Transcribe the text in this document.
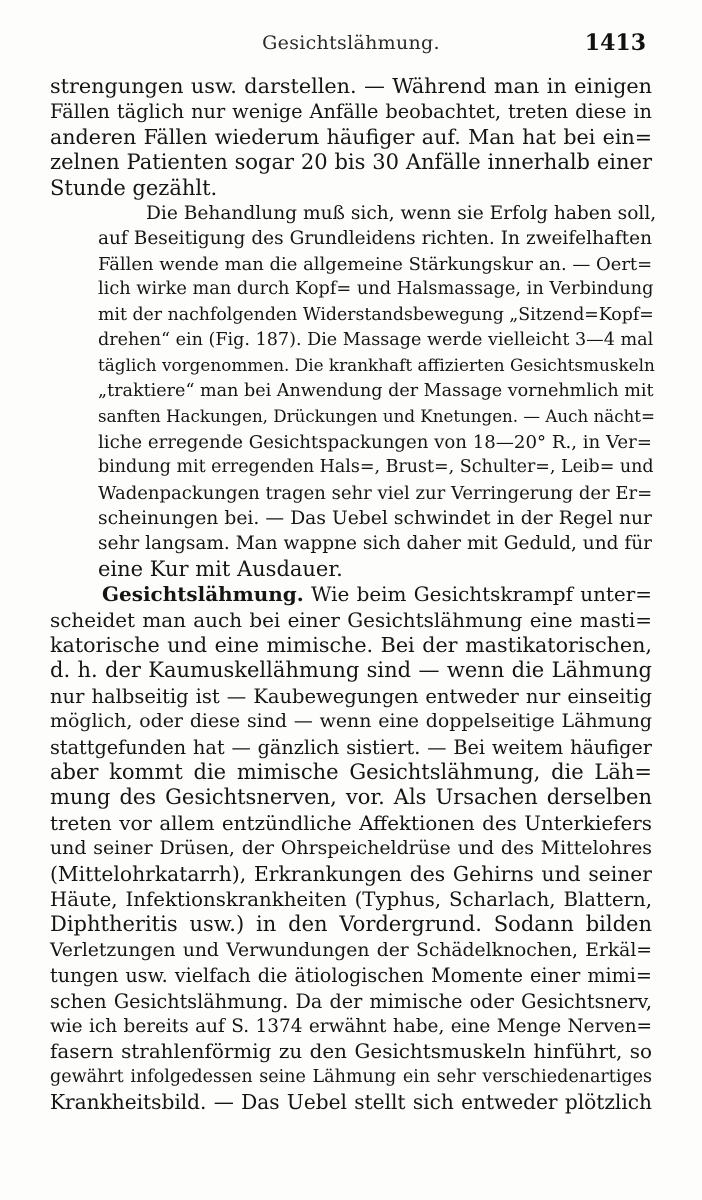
Gesichtslähmung.	1413

strengungen usw. darstellen. — Während man in einigen
Fällen täglich nur wenige Anfälle beobachtet, treten diese in
anderen Fällen wiederum häufiger auf. Man hat bei ein=
zelnen Patienten sogar 20 bis 30 Anfälle innerhalb einer
Stunde gezählt.

Die Behandlung muß sich, wenn sie Erfolg haben soll,
auf Beseitigung des Grundleidens richten. In zweifelhaften
Fällen wende man die allgemeine Stärkungskur an. — Oert=
lich wirke man durch Kopf= und Halsmassage, in Verbindung
mit der nachfolgenden Widerstandsbewegung „Sitzend=Kopf=
drehen“ ein (Fig. 187). Die Massage werde vielleicht 3—4 mal
täglich vorgenommen. Die krankhaft affizierten Gesichtsmuskeln
„traktiere“ man bei Anwendung der Massage vornehmlich mit
sanften Hackungen, Drückungen und Knetungen. — Auch nächt=
liche erregende Gesichtspackungen von 18—20° R., in Ver=
bindung mit erregenden Hals=, Brust=, Schulter=, Leib= und
Wadenpackungen tragen sehr viel zur Verringerung der Er=
scheinungen bei. — Das Uebel schwindet in der Regel nur
sehr langsam. Man wappne sich daher mit Geduld, und für
eine Kur mit Ausdauer.

Gesichtslähmung. Wie beim Gesichtskrampf unter=
scheidet man auch bei einer Gesichtslähmung eine masti=
katorische und eine mimische. Bei der mastikatorischen,
d. h. der Kaumuskellähmung sind — wenn die Lähmung
nur halbseitig ist — Kaubewegungen entweder nur einseitig
möglich, oder diese sind — wenn eine doppelseitige Lähmung
stattgefunden hat — gänzlich sistiert. — Bei weitem häufiger
aber kommt die mimische Gesichtslähmung, die Läh=
mung des Gesichtsnerven, vor. Als Ursachen derselben
treten vor allem entzündliche Affektionen des Unterkiefers
und seiner Drüsen, der Ohrspeicheldrüse und des Mittelohres
(Mittelohrkatarrh), Erkrankungen des Gehirns und seiner
Häute, Infektionskrankheiten (Typhus, Scharlach, Blattern,
Diphtheritis usw.) in den Vordergrund. Sodann bilden
Verletzungen und Verwundungen der Schädelknochen, Erkäl=
tungen usw. vielfach die ätiologischen Momente einer mimi=
schen Gesichtslähmung. Da der mimische oder Gesichtsnerv,
wie ich bereits auf S. 1374 erwähnt habe, eine Menge Nerven=
fasern strahlenförmig zu den Gesichtsmuskeln hinführt, so
gewährt infolgedessen seine Lähmung ein sehr verschiedenartiges
Krankheitsbild. — Das Uebel stellt sich entweder plötzlich
